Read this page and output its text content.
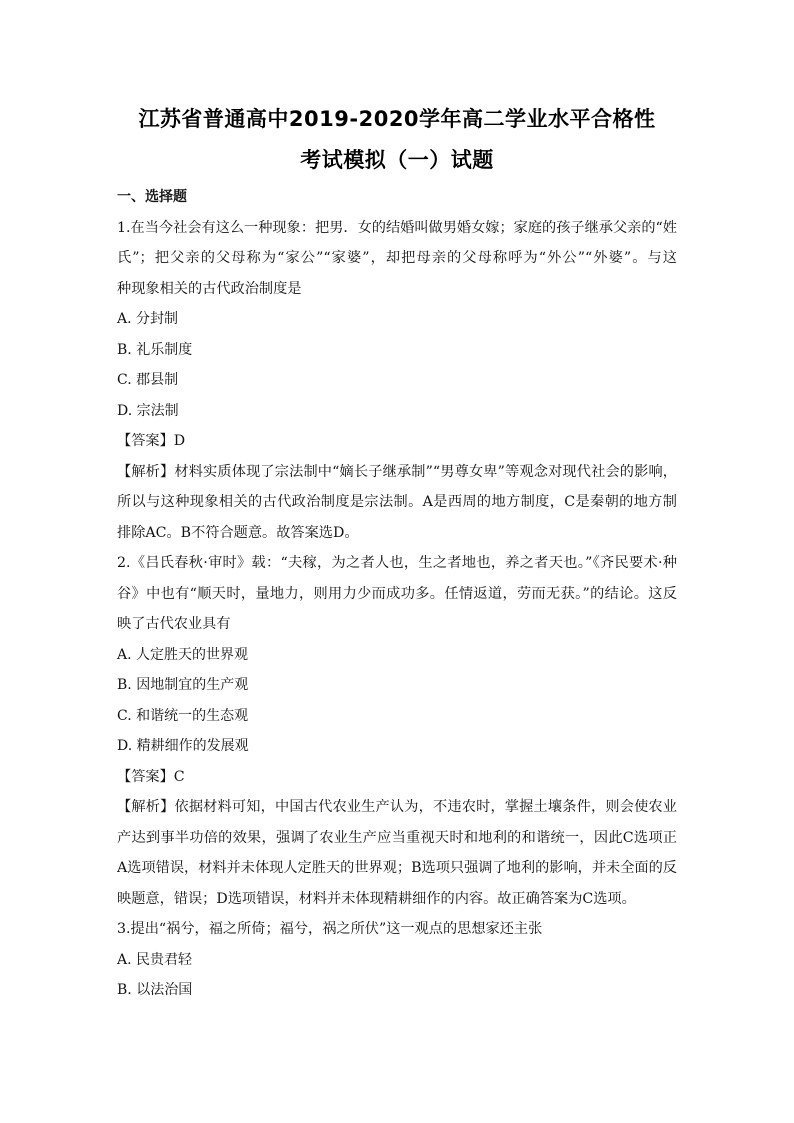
江苏省普通高中2019-2020学年高二学业水平合格性
考试模拟（一）试题
一、选择题
1.在当今社会有这么一种现象：把男．女的结婚叫做男婚女嫁；家庭的孩子继承父亲的“姓
氏”；把父亲的父母称为“家公”“家婆”，却把母亲的父母称呼为“外公”“外婆”。与这
种现象相关的古代政治制度是
A. 分封制
B. 礼乐制度
C. 郡县制
D. 宗法制
【答案】D
【解析】材料实质体现了宗法制中“嫡长子继承制”“男尊女卑”等观念对现代社会的影响，
所以与这种现象相关的古代政治制度是宗法制。A是西周的地方制度，C是秦朝的地方制
排除AC。B不符合题意。故答案选D。
2.《吕氏春秋·审时》载：“夫稼，为之者人也，生之者地也，养之者天也。”《齐民要术·种
谷》中也有“顺天时，量地力，则用力少而成功多。任情返道，劳而无获。”的结论。这反
映了古代农业具有
A. 人定胜天的世界观
B. 因地制宜的生产观
C. 和谐统一的生态观
D. 精耕细作的发展观
【答案】C
【解析】依据材料可知，中国古代农业生产认为，不违农时，掌握土壤条件，则会使农业
产达到事半功倍的效果，强调了农业生产应当重视天时和地利的和谐统一，因此C选项正
A选项错误，材料并未体现人定胜天的世界观；B选项只强调了地利的影响，并未全面的反
映题意，错误；D选项错误，材料并未体现精耕细作的内容。故正确答案为C选项。
3.提出“祸兮，福之所倚；福兮，祸之所伏”这一观点的思想家还主张
A. 民贵君轻
B. 以法治国
